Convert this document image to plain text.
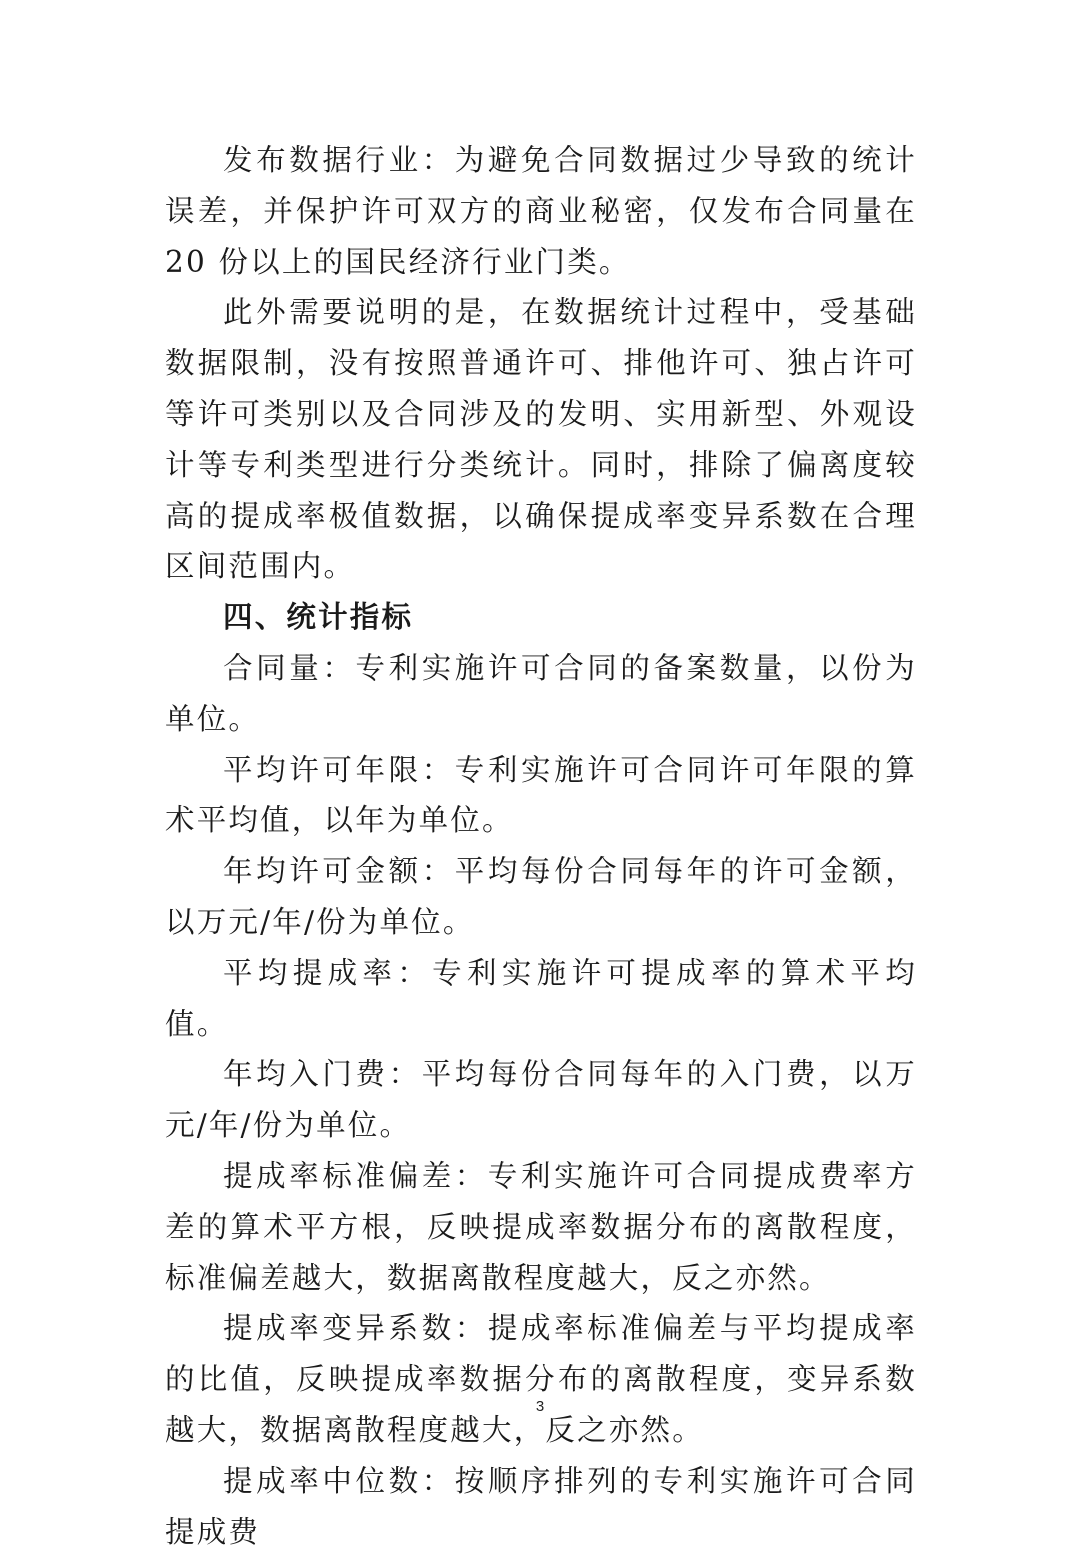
发布数据行业：为避免合同数据过少导致的统计误差，并保护许可双方的商业秘密，仅发布合同量在 20 份以上的国民经济行业门类。

此外需要说明的是，在数据统计过程中，受基础数据限制，没有按照普通许可、排他许可、独占许可等许可类别以及合同涉及的发明、实用新型、外观设计等专利类型进行分类统计。同时，排除了偏离度较高的提成率极值数据，以确保提成率变异系数在合理区间范围内。

四、统计指标

合同量：专利实施许可合同的备案数量，以份为单位。

平均许可年限：专利实施许可合同许可年限的算术平均值，以年为单位。

年均许可金额：平均每份合同每年的许可金额，以万元/年/份为单位。

平均提成率：专利实施许可提成率的算术平均值。

年均入门费：平均每份合同每年的入门费，以万元/年/份为单位。

提成率标准偏差：专利实施许可合同提成费率方差的算术平方根，反映提成率数据分布的离散程度，标准偏差越大，数据离散程度越大，反之亦然。

提成率变异系数：提成率标准偏差与平均提成率的比值，反映提成率数据分布的离散程度，变异系数越大，数据离散程度越大，反之亦然。

提成率中位数：按顺序排列的专利实施许可合同提成费

3
